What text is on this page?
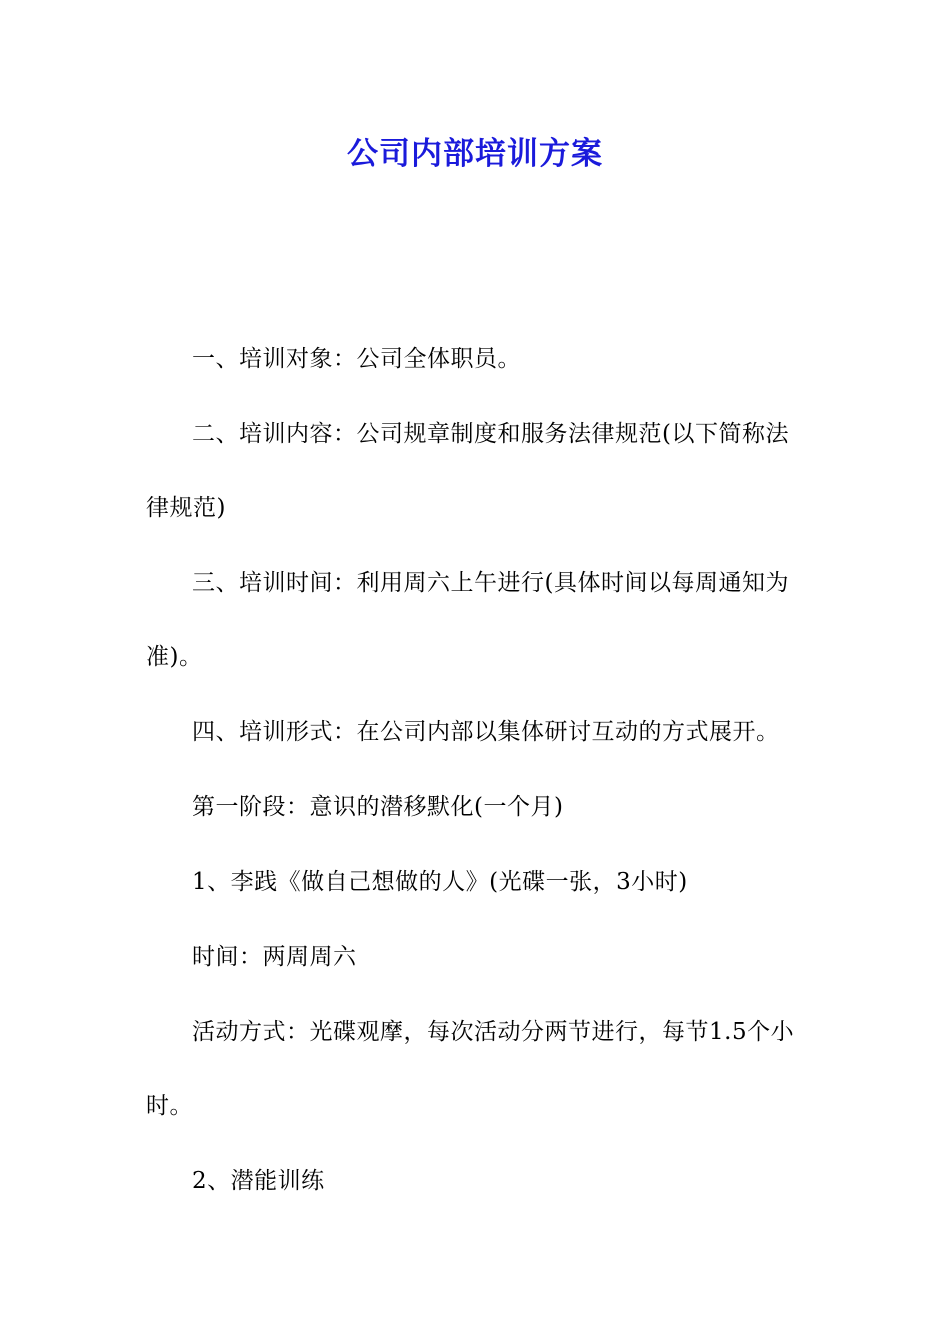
公司内部培训方案

一、培训对象：公司全体职员。

二、培训内容：公司规章制度和服务法律规范(以下简称法律规范)

三、培训时间：利用周六上午进行(具体时间以每周通知为准)。

四、培训形式：在公司内部以集体研讨互动的方式展开。

第一阶段：意识的潜移默化(一个月)

1、李践《做自己想做的人》(光碟一张，3小时)

时间：两周周六

活动方式：光碟观摩，每次活动分两节进行，每节1.5个小时。

2、潜能训练
